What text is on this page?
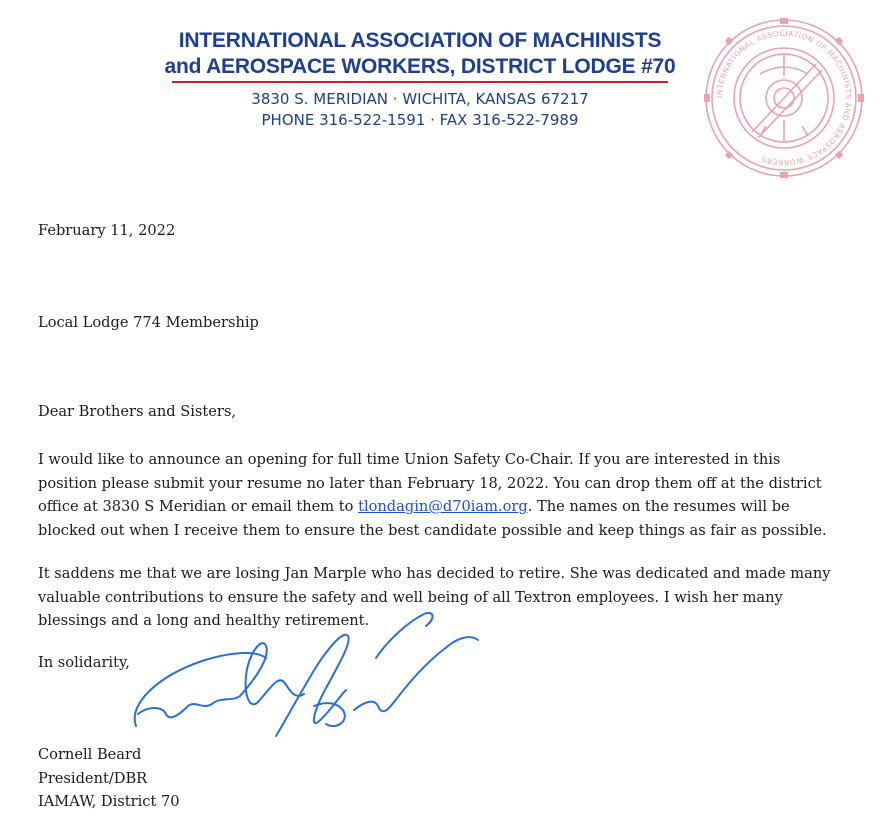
INTERNATIONAL ASSOCIATION OF MACHINISTS
and AEROSPACE WORKERS, DISTRICT LODGE #70
3830 S. MERIDIAN · WICHITA, KANSAS 67217
PHONE 316-522-1591 · FAX 316-522-7989
INTERNATIONAL ASSOCIATION OF MACHINISTS AND AEROSPACE WORKERS
February 11, 2022
Local Lodge 774 Membership
Dear Brothers and Sisters,
I would like to announce an opening for full time Union Safety Co-Chair. If you are interested in this
position please submit your resume no later than February 18, 2022. You can drop them off at the district
office at 3830 S Meridian or email them to tlondagin@d70iam.org. The names on the resumes will be
blocked out when I receive them to ensure the best candidate possible and keep things as fair as possible.
It saddens me that we are losing Jan Marple who has decided to retire. She was dedicated and made many
valuable contributions to ensure the safety and well being of all Textron employees. I wish her many
blessings and a long and healthy retirement.
In solidarity,
Cornell Beard
President/DBR
IAMAW, District 70
